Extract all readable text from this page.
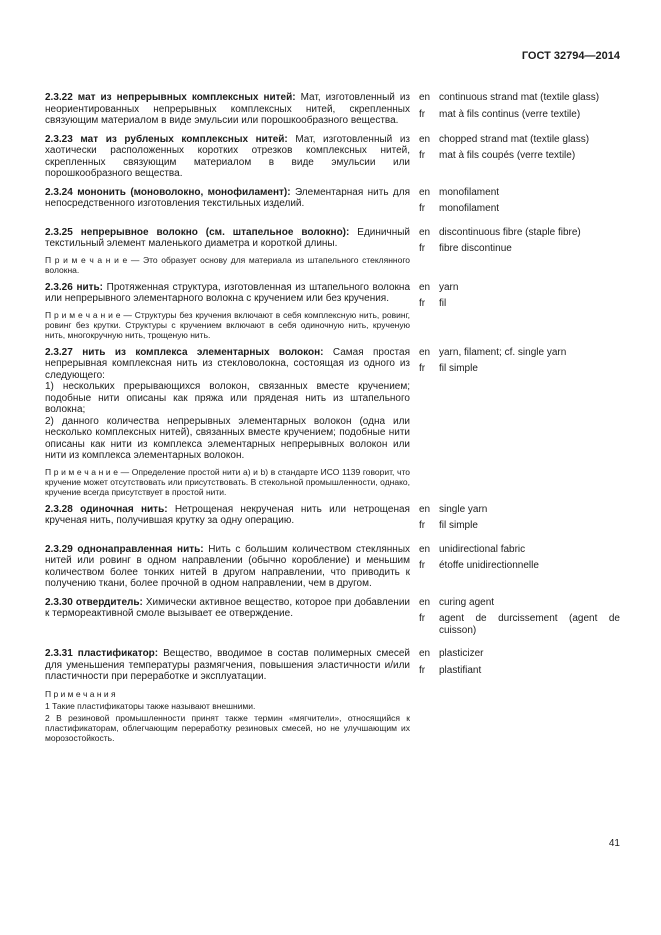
ГОСТ 32794—2014

2.3.22 мат из непрерывных комплексных нитей: Мат, изготовленный из неориентированных непрерывных комплексных нитей, скрепленных связующим материалом в виде эмульсии или порошкообразного вещества.

en continuous strand mat (textile glass)
fr	mat à fils continus (verre textile)

2.3.23 мат из рубленых комплексных нитей: Мат, изготовленный из хаотически расположенных коротких отрезков комплексных нитей, скрепленных связующим материалом в виде эмульсии или порошкообразного вещества.

en chopped strand mat (textile glass)
fr	mat à fils coupés (verre textile)

2.3.24 мононить (моноволокно, монофиламент): Элементарная нить для непосредственного изготовления текстильных изделий.

en monofilament
fr	monofilament

2.3.25 непрерывное волокно (см. штапельное волокно): Единичный текстильный элемент маленького диаметра и короткой длины.

П р и м е ч а н и е — Это образует основу для материала из штапельного стеклянного волокна.

en discontinuous fibre (staple fibre)
fr	fibre discontinue

2.3.26 нить: Протяженная структура, изготовленная из штапельного волокна или непрерывного элементарного волокна с кручением или без кручения.

П р и м е ч а н и е — Структуры без кручения включают в себя комплексную нить, ровинг, ровинг без крутки. Структуры с кручением включают в себя одиночную нить, крученую нить, многокручную нить, трощеную нить.

en yarn
fr	fil

2.3.27 нить из комплекса элементарных волокон: Самая простая непрерывная комплексная нить из стекловолокна, состоящая из одного из следующего:

1) нескольких прерывающихся волокон, связанных вместе кручением; подобные нити описаны как пряжа или пряденая нить из штапельного волокна;

2) данного количества непрерывных элементарных волокон (одна или несколько комплексных нитей), связанных вместе кручением; подобные нити описаны как нити из комплекса элементарных непрерывных волокон или нити из комплекса элементарных волокон.

П р и м е ч а н и е — Определение простой нити a) и b) в стандарте ИСО 1139 говорит, что кручение может отсутствовать или присутствовать. В стекольной промышленности, однако, кручение всегда присутствует в простой нити.

en yarn, filament; cf. single yarn
fr	fil simple

2.3.28 одиночная нить: Нетрощеная некрученая нить или нетрощеная крученая нить, получившая крутку за одну операцию.

en single yarn
fr	fil simple

2.3.29 однонаправленная нить: Нить с большим количеством стеклянных нитей или ровинг в одном направлении (обычно коробление) и меньшим количеством более тонких нитей в другом направлении, что приводить к получению ткани, более прочной в одном направлении, чем в другом.

en unidirectional fabric
fr	étoffe unidirectionnelle

2.3.30 отвердитель: Химически активное вещество, которое при добавлении к термореактивной смоле вызывает ее отверждение.

en curing agent
fr	agent de durcissement (agent de cuisson)

2.3.31 пластификатор: Вещество, вводимое в состав полимерных смесей для уменьшения температуры размягчения, повышения эластичности и/или пластичности при переработке и эксплуатации.

П р и м е ч а н и я

1 Такие пластификаторы также называют внешними.

2 В резиновой промышленности принят также термин «мягчители», относящийся к пластификаторам, облегчающим переработку резиновых смесей, но не улучшающим их морозостойкость.

en plasticizer
fr	plastifiant
41
